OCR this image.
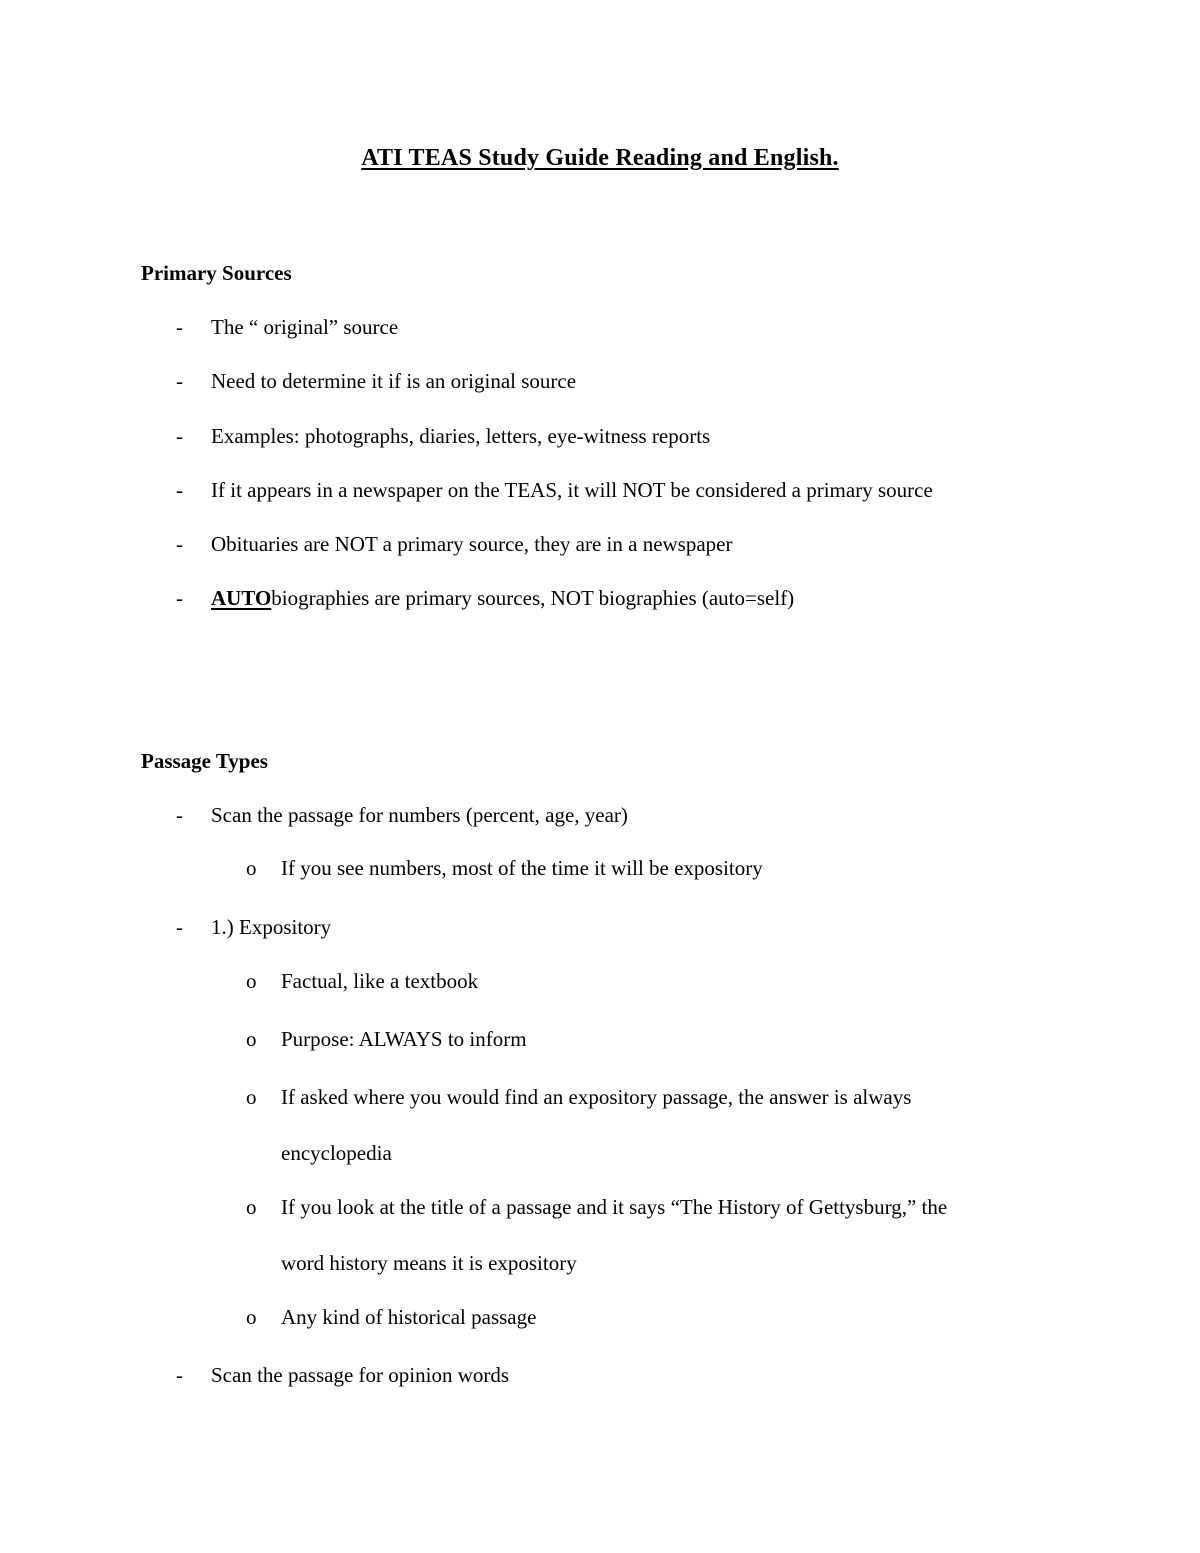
ATI TEAS Study Guide Reading and English.
Primary Sources
-	The “ original” source
-	Need to determine it if is an original source
-	Examples: photographs, diaries, letters, eye-witness reports
-	If it appears in a newspaper on the TEAS, it will NOT be considered a primary source
-	Obituaries are NOT a primary source, they are in a newspaper
-	AUTObiographies are primary sources, NOT biographies (auto=self)
Passage Types
-	Scan the passage for numbers (percent, age, year)
o	If you see numbers, most of the time it will be expository
-	1.) Expository
o	Factual, like a textbook
o	Purpose: ALWAYS to inform
o	If asked where you would find an expository passage, the answer is always
encyclopedia
o	If you look at the title of a passage and it says “The History of Gettysburg,” the
word history means it is expository
o	Any kind of historical passage
-	Scan the passage for opinion words
